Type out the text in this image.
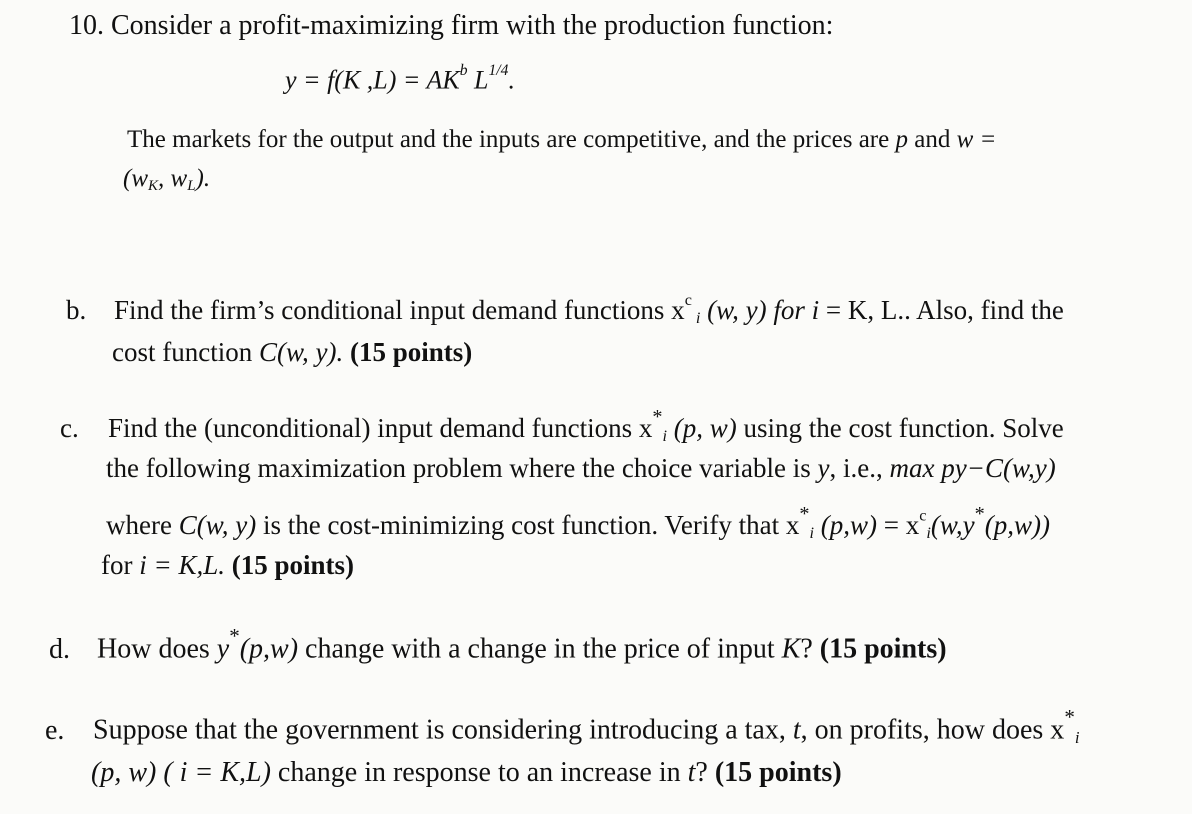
10. Consider a profit-maximizing firm with the production function:
y = f(K $,L) = AK^b$ $L^{1/4}$.
The markets for the output and the inputs are competitive, and the prices are p and w =
($w_K$, $w_L$).
b. Find the firm’s conditional input demand functions $x^c$ $_i$ (w, y) for i = K, L.. Also, find the
cost function C(w, y). (15 points)
c. Find the (unconditional) input demand functions $x^*_i$ (p, w) using the cost function. Solve
the following maximization problem where the choice variable is y, i.e., max py−C(w,y)
where C(w, y) is the cost-minimizing cost function. Verify that $x^*_i$ $(p,w) = x^c_i(w,y^*(p,w))$
for i = K,L. (15 points)
d. How does y*(p,w) change with a change in the price of input K? (15 points)
e. Suppose that the government is considering introducing a tax, t, on profits, how does $x^*_i$
(p, w) ( i = K,L) change in response to an increase in t? (15 points)
